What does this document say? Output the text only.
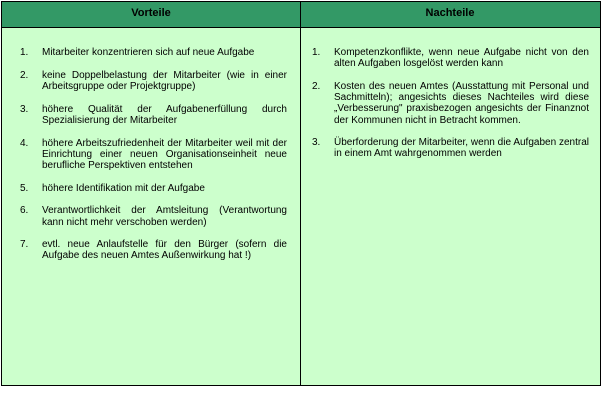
Vorteile	Nachteile
1. Mitarbeiter konzentrieren sich auf neue Aufgabe
2. keine Doppelbelastung der Mitarbeiter (wie in einer Arbeitsgruppe oder Projektgruppe)
3. höhere Qualität der Aufgabenerfüllung durch Spezialisierung der Mitarbeiter
4. höhere Arbeitszufriedenheit der Mitarbeiter weil mit der Einrichtung einer neuen Organisationseinheit neue berufliche Perspektiven entstehen
5. höhere Identifikation mit der Aufgabe
6. Verantwortlichkeit der Amtsleitung (Verantwortung kann nicht mehr verschoben werden)
7. evtl. neue Anlaufstelle für den Bürger (sofern die Aufgabe des neuen Amtes Außenwirkung hat !)
1. Kompetenzkonflikte, wenn neue Aufgabe nicht von den alten Aufgaben losgelöst werden kann
2. Kosten des neuen Amtes (Ausstattung mit Personal und Sachmitteln); angesichts dieses Nachteiles wird diese „Verbesserung" praxisbezogen angesichts der Finanznot der Kommunen nicht in Betracht kommen.
3. Überforderung der Mitarbeiter, wenn die Aufgaben zentral in einem Amt wahrgenommen werden
